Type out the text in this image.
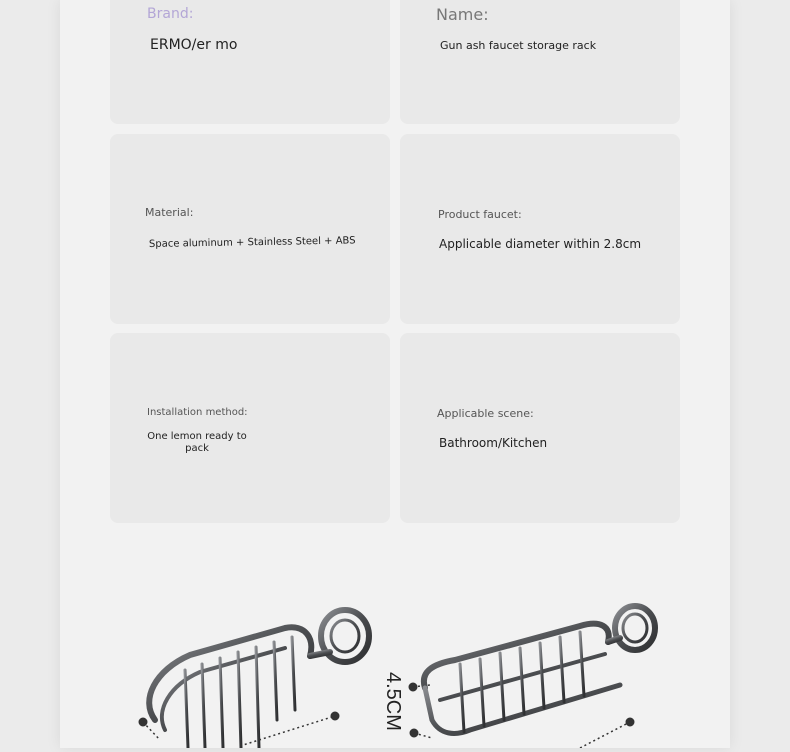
Brand:
ERMO/er mo
Name:
Gun ash faucet storage rack
Material:
Space aluminum + Stainless Steel + ABS
Product faucet:
Applicable diameter within 2.8cm
Installation method:
One lemon ready to
pack
Applicable scene:
Bathroom/Kitchen
4.5CM
